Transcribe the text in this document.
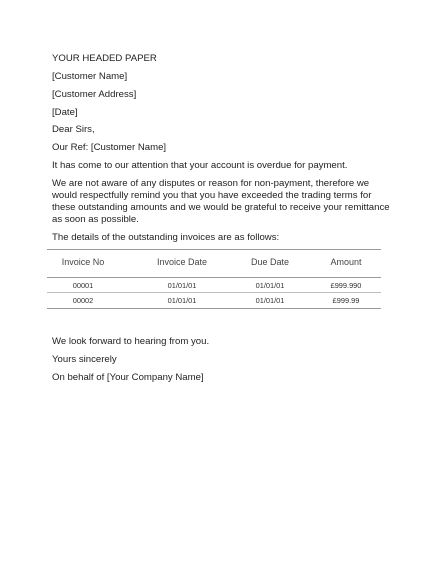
YOUR HEADED PAPER
[Customer Name]
[Customer Address]
[Date]
Dear Sirs,
Our Ref: [Customer Name]
It has come to our attention that your account is overdue for payment.
We are not aware of any disputes or reason for non-payment, therefore we would respectfully remind you that you have exceeded the trading terms for these outstanding amounts and we would be grateful to receive your remittance as soon as possible.
The details of the outstanding invoices are as follows:
Invoice No	Invoice Date	Due Date	Amount
00001	01/01/01	01/01/01	£999.990
00002	01/01/01	01/01/01	£999.99
We look forward to hearing from you.
Yours sincerely
On behalf of [Your Company Name]
